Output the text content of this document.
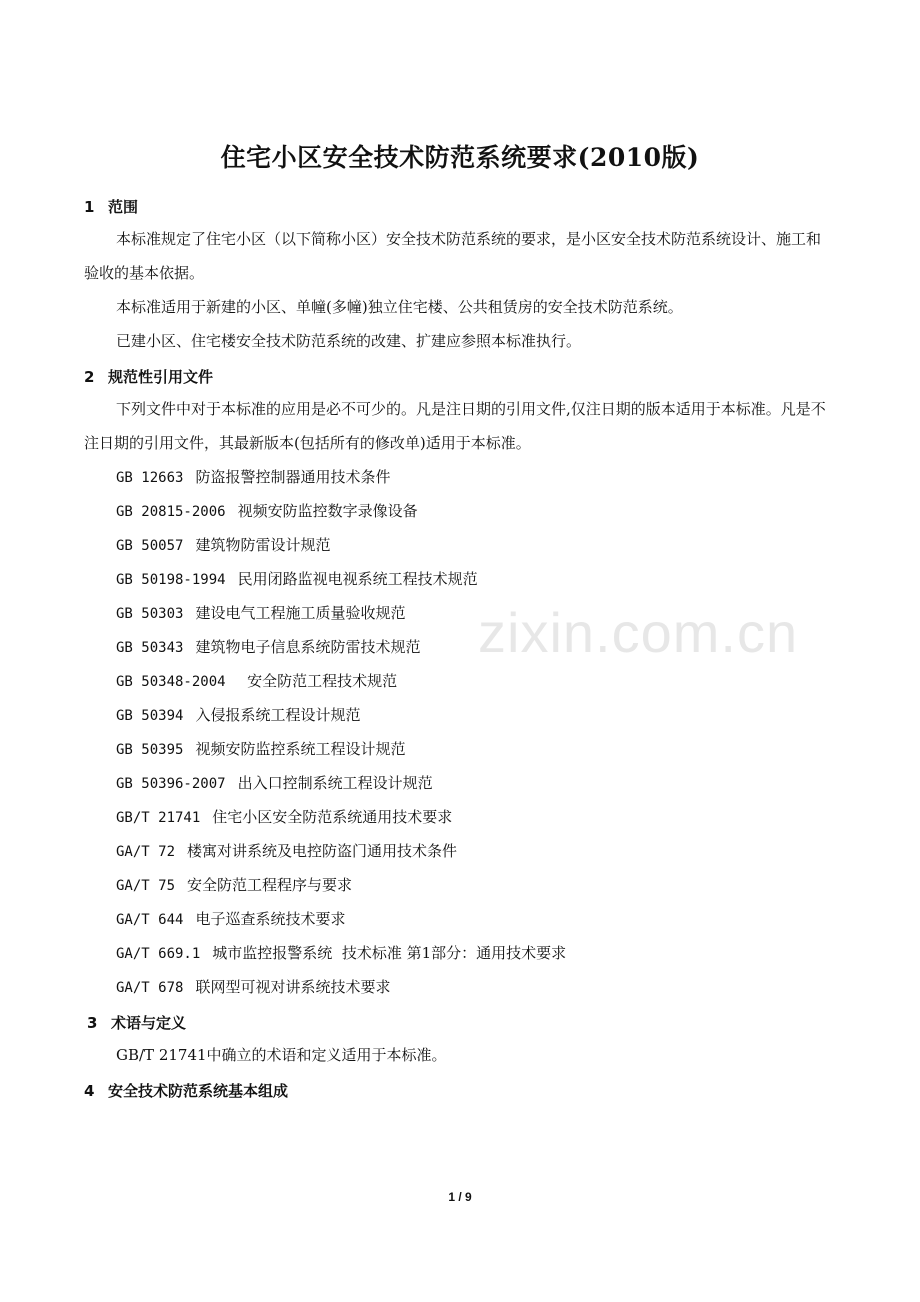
住宅小区安全技术防范系统要求(2010版)
1 范围
本标准规定了住宅小区（以下简称小区）安全技术防范系统的要求，是小区安全技术防范系统设计、施工和验收的基本依据。
本标准适用于新建的小区、单幢(多幢)独立住宅楼、公共租赁房的安全技术防范系统。
已建小区、住宅楼安全技术防范系统的改建、扩建应参照本标准执行。
2 规范性引用文件
下列文件中对于本标准的应用是必不可少的。凡是注日期的引用文件,仅注日期的版本适用于本标准。凡是不注日期的引用文件，其最新版本(包括所有的修改单)适用于本标准。
GB 12663 防盗报警控制器通用技术条件
GB 20815-2006 视频安防监控数字录像设备
GB 50057 建筑物防雷设计规范
GB 50198-1994 民用闭路监视电视系统工程技术规范
GB 50303 建设电气工程施工质量验收规范
GB 50343 建筑物电子信息系统防雷技术规范
GB 50348-2004  安全防范工程技术规范
GB 50394 入侵报系统工程设计规范
GB 50395 视频安防监控系统工程设计规范
GB 50396-2007 出入口控制系统工程设计规范
GB/T 21741 住宅小区安全防范系统通用技术要求
GA/T 72 楼寓对讲系统及电控防盗门通用技术条件
GA/T 75 安全防范工程程序与要求
GA/T 644 电子巡查系统技术要求
GA/T 669.1 城市监控报警系统  技术标准 第1部分：通用技术要求
GA/T 678 联网型可视对讲系统技术要求
3 术语与定义
GB/T 21741中确立的术语和定义适用于本标准。
4 安全技术防范系统基本组成
zixin.com.cn
1 / 9
